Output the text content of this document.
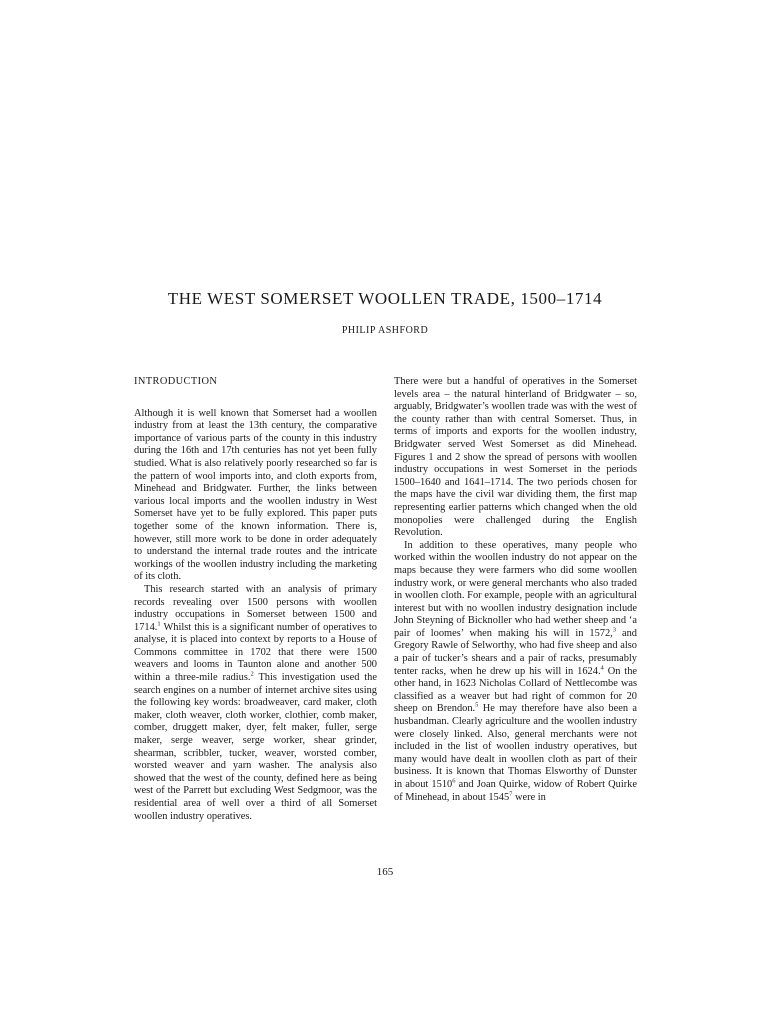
THE WEST SOMERSET WOOLLEN TRADE, 1500–1714
PHILIP ASHFORD
INTRODUCTION

Although it is well known that Somerset had a woollen industry from at least the 13th century, the comparative importance of various parts of the county in this industry during the 16th and 17th centuries has not yet been fully studied. What is also relatively poorly researched so far is the pattern of wool imports into, and cloth exports from, Minehead and Bridgwater. Further, the links between various local imports and the woollen industry in West Somerset have yet to be fully explored. This paper puts together some of the known information. There is, however, still more work to be done in order adequately to understand the internal trade routes and the intricate workings of the woollen industry including the marketing of its cloth.

This research started with an analysis of primary records revealing over 1500 persons with woollen industry occupations in Somerset between 1500 and 1714.$^1$ Whilst this is a significant number of operatives to analyse, it is placed into context by reports to a House of Commons committee in 1702 that there were 1500 weavers and looms in Taunton alone and another 500 within a three-mile radius.$^2$ This investigation used the search engines on a number of internet archive sites using the following key words: broadweaver, card maker, cloth maker, cloth weaver, cloth worker, clothier, comb maker, comber, druggett maker, dyer, felt maker, fuller, serge maker, serge weaver, serge worker, shear grinder, shearman, scribbler, tucker, weaver, worsted comber, worsted weaver and yarn washer. The analysis also showed that the west of the county, defined here as being west of the Parrett but excluding West Sedgmoor, was the residential area of well over a third of all Somerset woollen industry operatives.

There were but a handful of operatives in the Somerset levels area – the natural hinterland of Bridgwater – so, arguably, Bridgwater’s woollen trade was with the west of the county rather than with central Somerset. Thus, in terms of imports and exports for the woollen industry, Bridgwater served West Somerset as did Minehead. Figures 1 and 2 show the spread of persons with woollen industry occupations in west Somerset in the periods 1500–1640 and 1641–1714. The two periods chosen for the maps have the civil war dividing them, the first map representing earlier patterns which changed when the old monopolies were challenged during the English Revolution.

In addition to these operatives, many people who worked within the woollen industry do not appear on the maps because they were farmers who did some woollen industry work, or were general merchants who also traded in woollen cloth. For example, people with an agricultural interest but with no woollen industry designation include John Steyning of Bicknoller who had wether sheep and ‘a pair of loomes’ when making his will in 1572,$^3$ and Gregory Rawle of Selworthy, who had five sheep and also a pair of tucker’s shears and a pair of racks, presumably tenter racks, when he drew up his will in 1624.$^4$ On the other hand, in 1623 Nicholas Collard of Nettlecombe was classified as a weaver but had right of common for 20 sheep on Brendon.$^5$ He may therefore have also been a husbandman. Clearly agriculture and the woollen industry were closely linked. Also, general merchants were not included in the list of woollen industry operatives, but many would have dealt in woollen cloth as part of their business. It is known that Thomas Elsworthy of Dunster in about 1510$^6$ and Joan Quirke, widow of Robert Quirke of Minehead, in about 1545$^7$ were in

165
